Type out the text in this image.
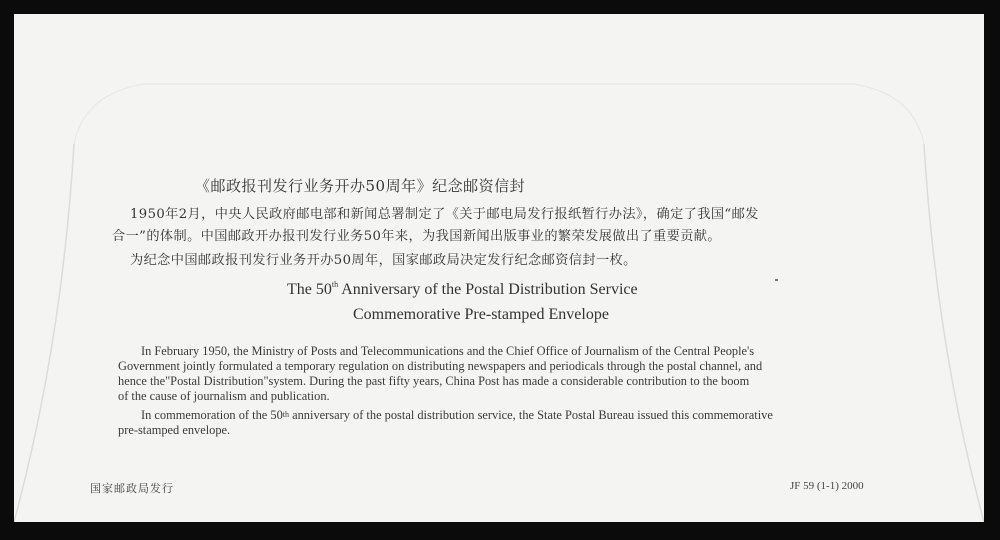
《邮政报刊发行业务开办50周年》纪念邮资信封
1950年2月，中央人民政府邮电部和新闻总署制定了《关于邮电局发行报纸暂行办法》，确定了我国“邮发
合一”的体制。中国邮政开办报刊发行业务50年来，为我国新闻出版事业的繁荣发展做出了重要贡献。
为纪念中国邮政报刊发行业务开办50周年，国家邮政局决定发行纪念邮资信封一枚。
The 50th Anniversary of the Postal Distribution Service
Commemorative Pre-stamped Envelope
In February 1950, the Ministry of Posts and Telecommunications and the Chief Office of Journalism of the Central People's
Government jointly formulated a temporary regulation on distributing newspapers and periodicals through the postal channel, and
hence the"Postal Distribution"system. During the past fifty years, China Post has made a considerable contribution to the boom
of the cause of journalism and publication.
In commemoration of the 50th anniversary of the postal distribution service, the State Postal Bureau issued this commemorative
pre-stamped envelope.
国家邮政局发行	JF 59 (1-1) 2000
